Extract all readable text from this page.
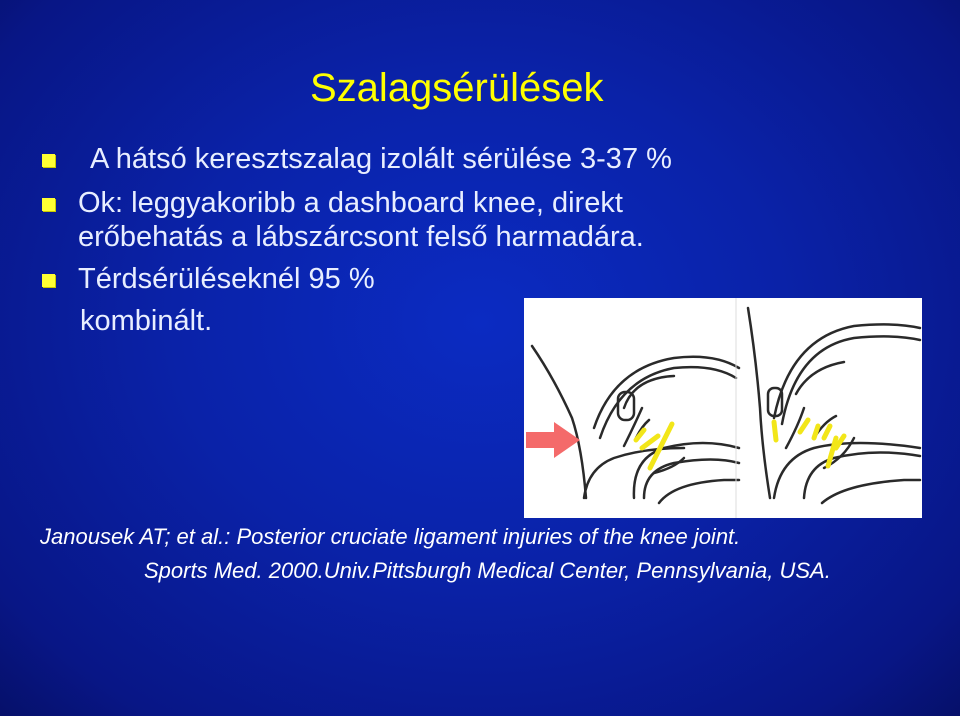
Szalagsérülések
A hátsó keresztszalag izolált sérülése 3-37 %
Ok: leggyakoribb a dashboard knee, direkt
erőbehatás a lábszárcsont felső harmadára.
Térdsérüléseknél 95 %
kombinált.
Janousek AT; et al.: Posterior cruciate ligament injuries of the knee joint.
Sports Med. 2000.Univ.Pittsburgh Medical Center, Pennsylvania, USA.
